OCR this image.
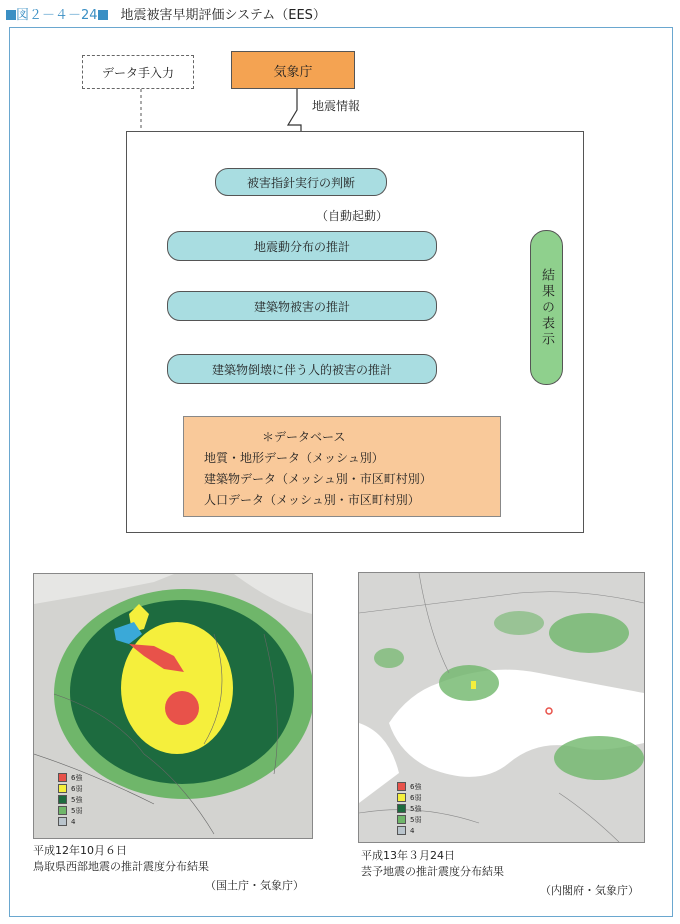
図２－４－24　地震被害早期評価システム（EES）
データ手入力	気象庁
地震情報
被害指針実行の判断
（自動起動）
地震動分布の推計
建築物被害の推計
建築物倒壊に伴う人的被害の推計
結果の表示
＊データベース
地質・地形データ（メッシュ別）
建築物データ（メッシュ別・市区町村別）
人口データ（メッシュ別・市区町村別）
6強
6弱
5強
5弱
4
平成12年10月６日
鳥取県西部地震の推計震度分布結果
（国土庁・気象庁）
6強
6弱
5強
5弱
4
平成13年３月24日
芸予地震の推計震度分布結果
（内閣府・気象庁）
